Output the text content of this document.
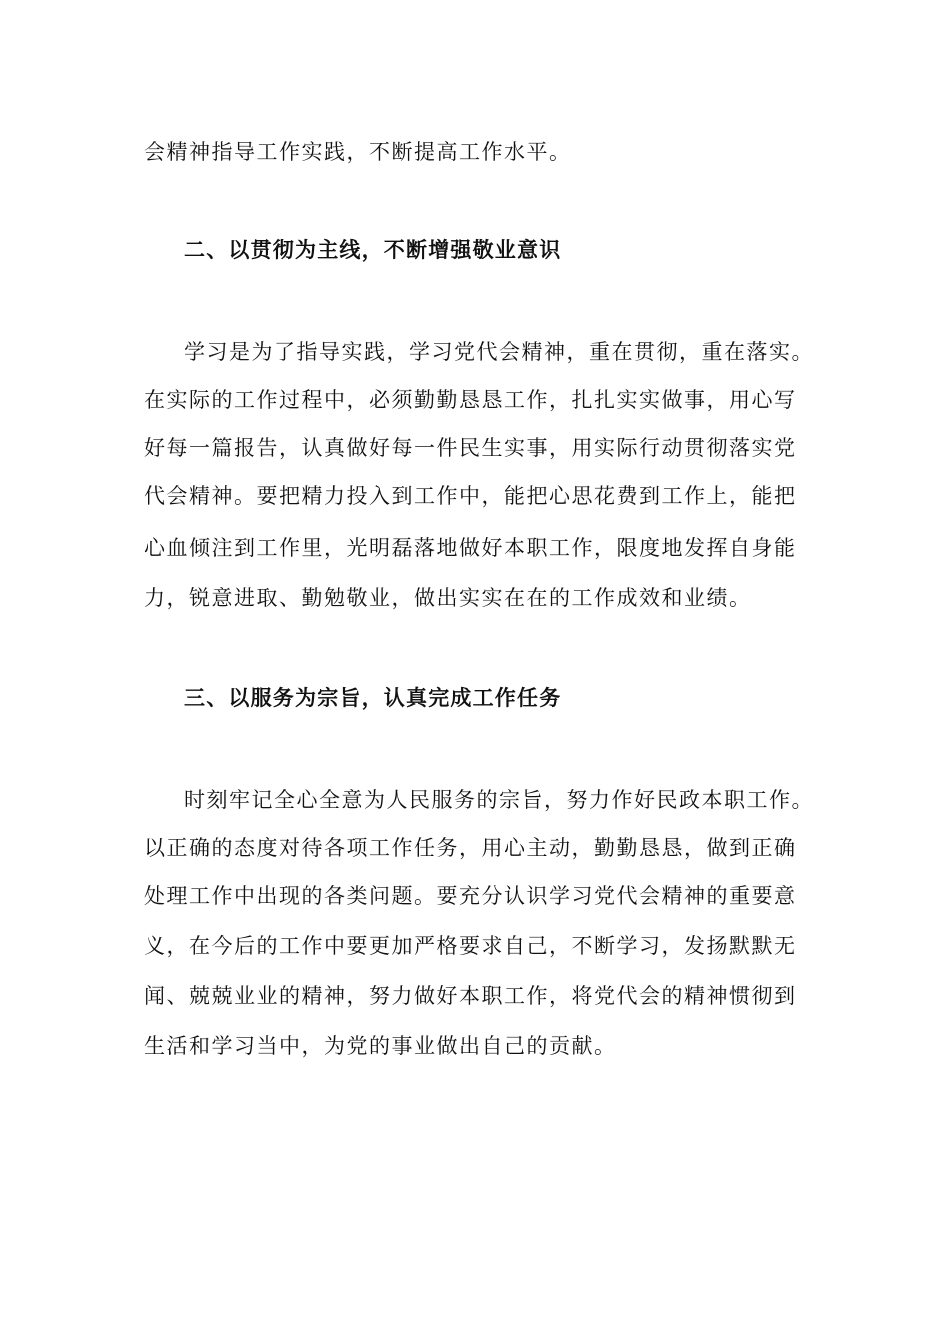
会精神指导工作实践，不断提高工作水平。
二、以贯彻为主线，不断增强敬业意识
学习是为了指导实践，学习党代会精神，重在贯彻，重在落实。
在实际的工作过程中，必须勤勤恳恳工作，扎扎实实做事，用心写
好每一篇报告，认真做好每一件民生实事，用实际行动贯彻落实党
代会精神。要把精力投入到工作中，能把心思花费到工作上，能把
心血倾注到工作里，光明磊落地做好本职工作，限度地发挥自身能
力，锐意进取、勤勉敬业，做出实实在在的工作成效和业绩。
三、以服务为宗旨，认真完成工作任务
时刻牢记全心全意为人民服务的宗旨，努力作好民政本职工作。
以正确的态度对待各项工作任务，用心主动，勤勤恳恳，做到正确
处理工作中出现的各类问题。要充分认识学习党代会精神的重要意
义，在今后的工作中要更加严格要求自己，不断学习，发扬默默无
闻、兢兢业业的精神，努力做好本职工作，将党代会的精神惯彻到
生活和学习当中，为党的事业做出自己的贡献。
